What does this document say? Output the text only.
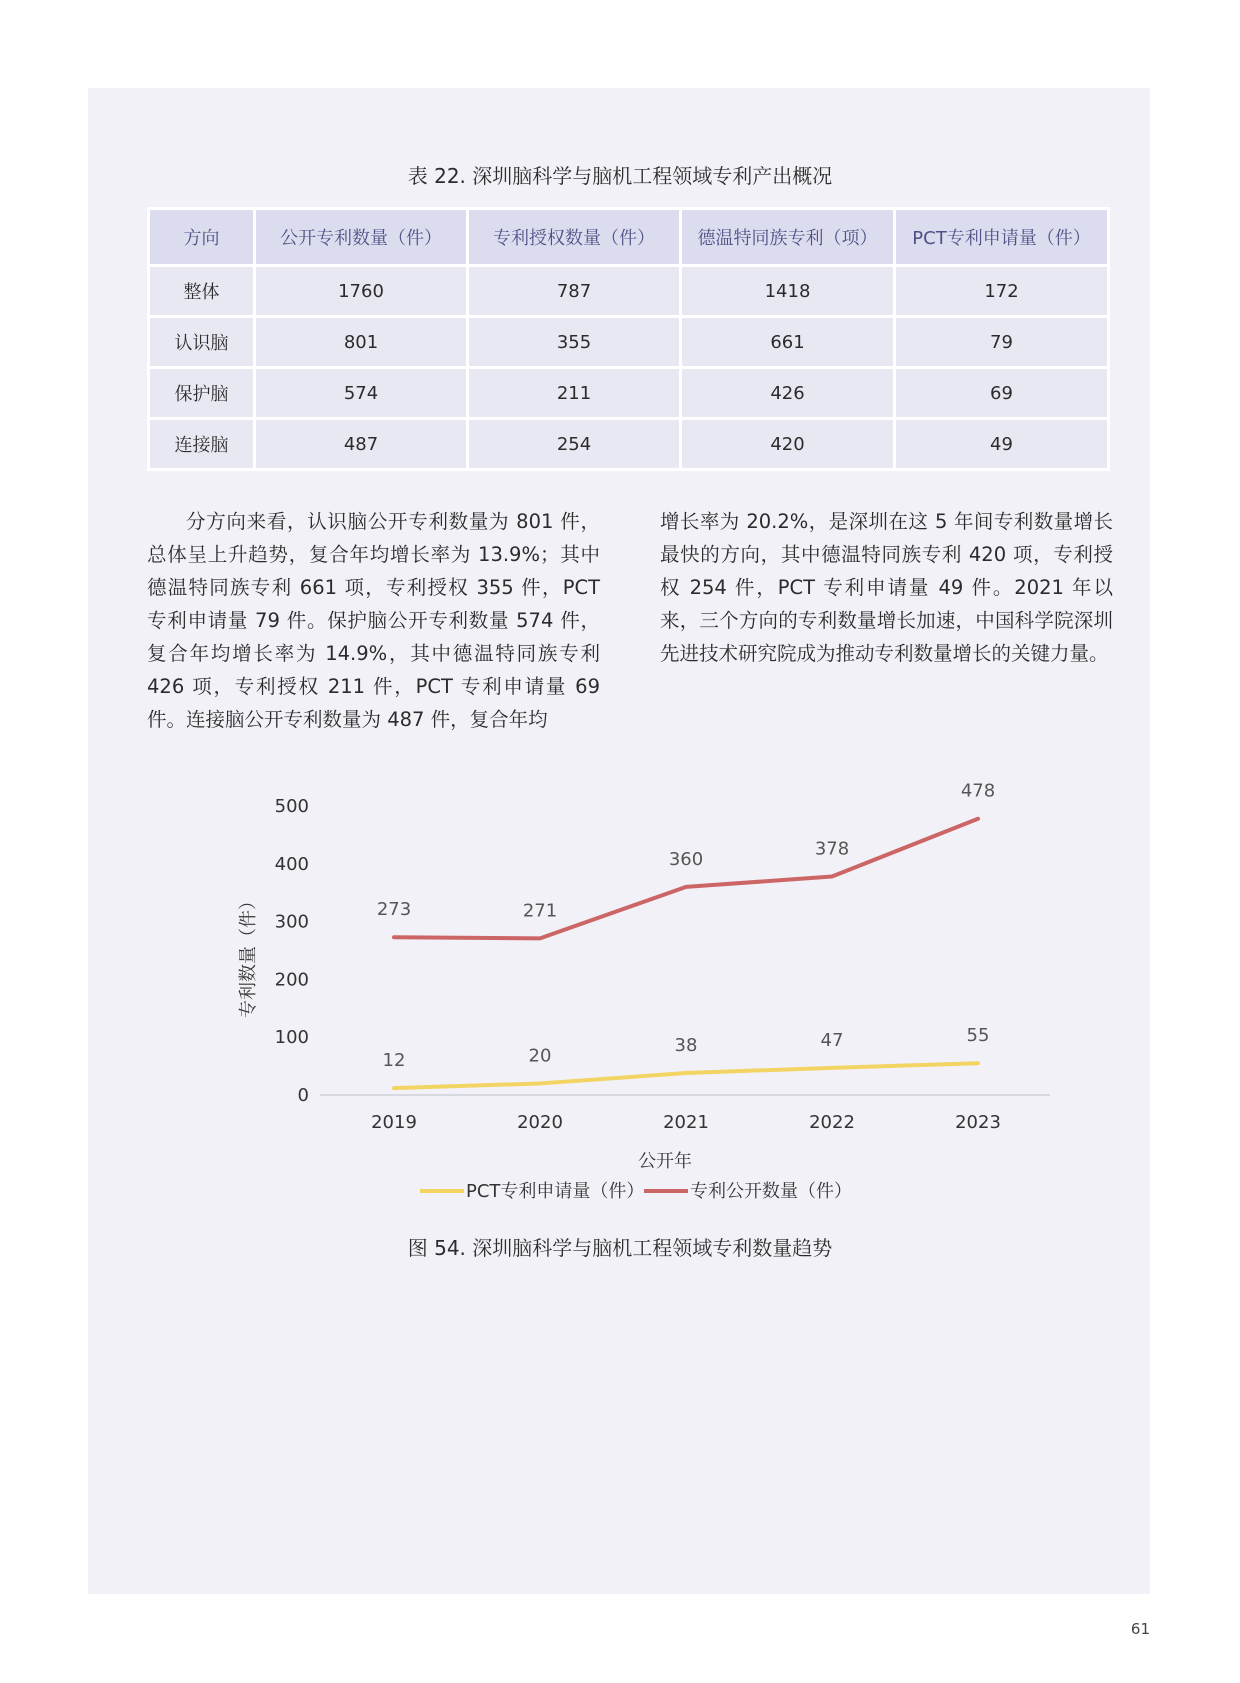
表 22. 深圳脑科学与脑机工程领域专利产出概况
方向	公开专利数量（件）	专利授权数量（件）	德温特同族专利（项）	PCT专利申请量（件）
整体	1760	787	1418	172
认识脑	801	355	661	79
保护脑	574	211	426	69
连接脑	487	254	420	49

分方向来看，认识脑公开专利数量为 801 件，总体呈上升趋势，复合年均增长率为 13.9%；其中德温特同族专利 661 项，专利授权 355 件，PCT 专利申请量 79 件。保护脑公开专利数量 574 件，复合年均增长率为 14.9%，其中德温特同族专利 426 项，专利授权 211 件，PCT 专利申请量 69 件。连接脑公开专利数量为 487 件，复合年均

增长率为 20.2%，是深圳在这 5 年间专利数量增长最快的方向，其中德温特同族专利 420 项，专利授权 254 件，PCT 专利申请量 49 件。2021 年以来，三个方向的专利数量增长加速，中国科学院深圳先进技术研究院成为推动专利数量增长的关键力量。

0
100
200
300
400
500
2019	2020	2021	2022	2023
专利数量（件）
公开年
12	20	38	47	55
273	271
360	378
478
PCT专利申请量（件）	专利公开数量（件）
图 54. 深圳脑科学与脑机工程领域专利数量趋势
61
